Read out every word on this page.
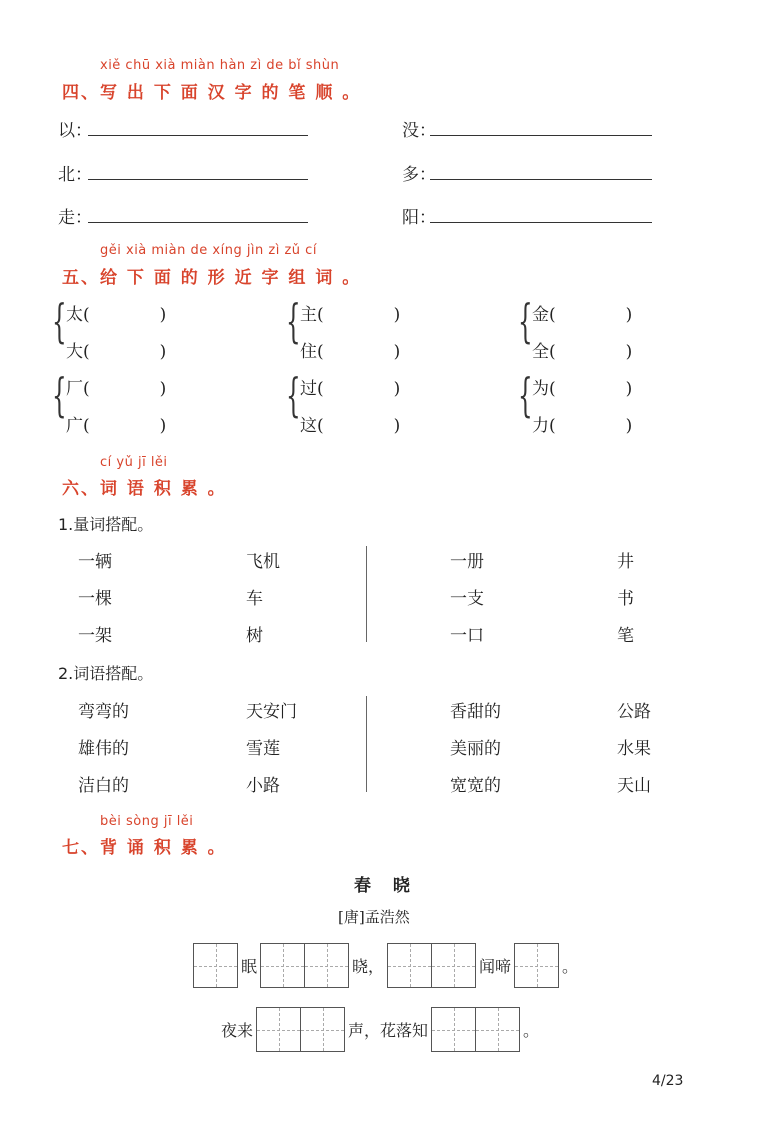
xiě chū xià miàn hàn zì de bǐ shùn
四、写 出 下 面 汉 字 的 笔 顺 。
以：	没：
北：	多：
走：	阳：
gěi xià miàn de xíng jìn zì zǔ cí
五、给 下 面 的 形 近 字 组 词 。
{ 太(	)
大(	)
{ 主(	)
住(	)
{ 金(	)
全(	)
{ 厂(	)
广(	)
{ 过(	)
这(	)
{ 为(	)
力(	)
cí yǔ jī lěi
六、词 语 积 累 。
1.量词搭配。
一辆	飞机
一棵	车
一架	树
一册	井
一支	书
一口	笔
2.词语搭配。
弯弯的	天安门
雄伟的	雪莲
洁白的	小路
香甜的	公路
美丽的	水果
宽宽的	天山
bèi sòng jī lěi
七、背 诵 积 累 。
春 晓
[唐]孟浩然
眠	晓，	闻啼	。
夜来	声，花落知	。
4/23
